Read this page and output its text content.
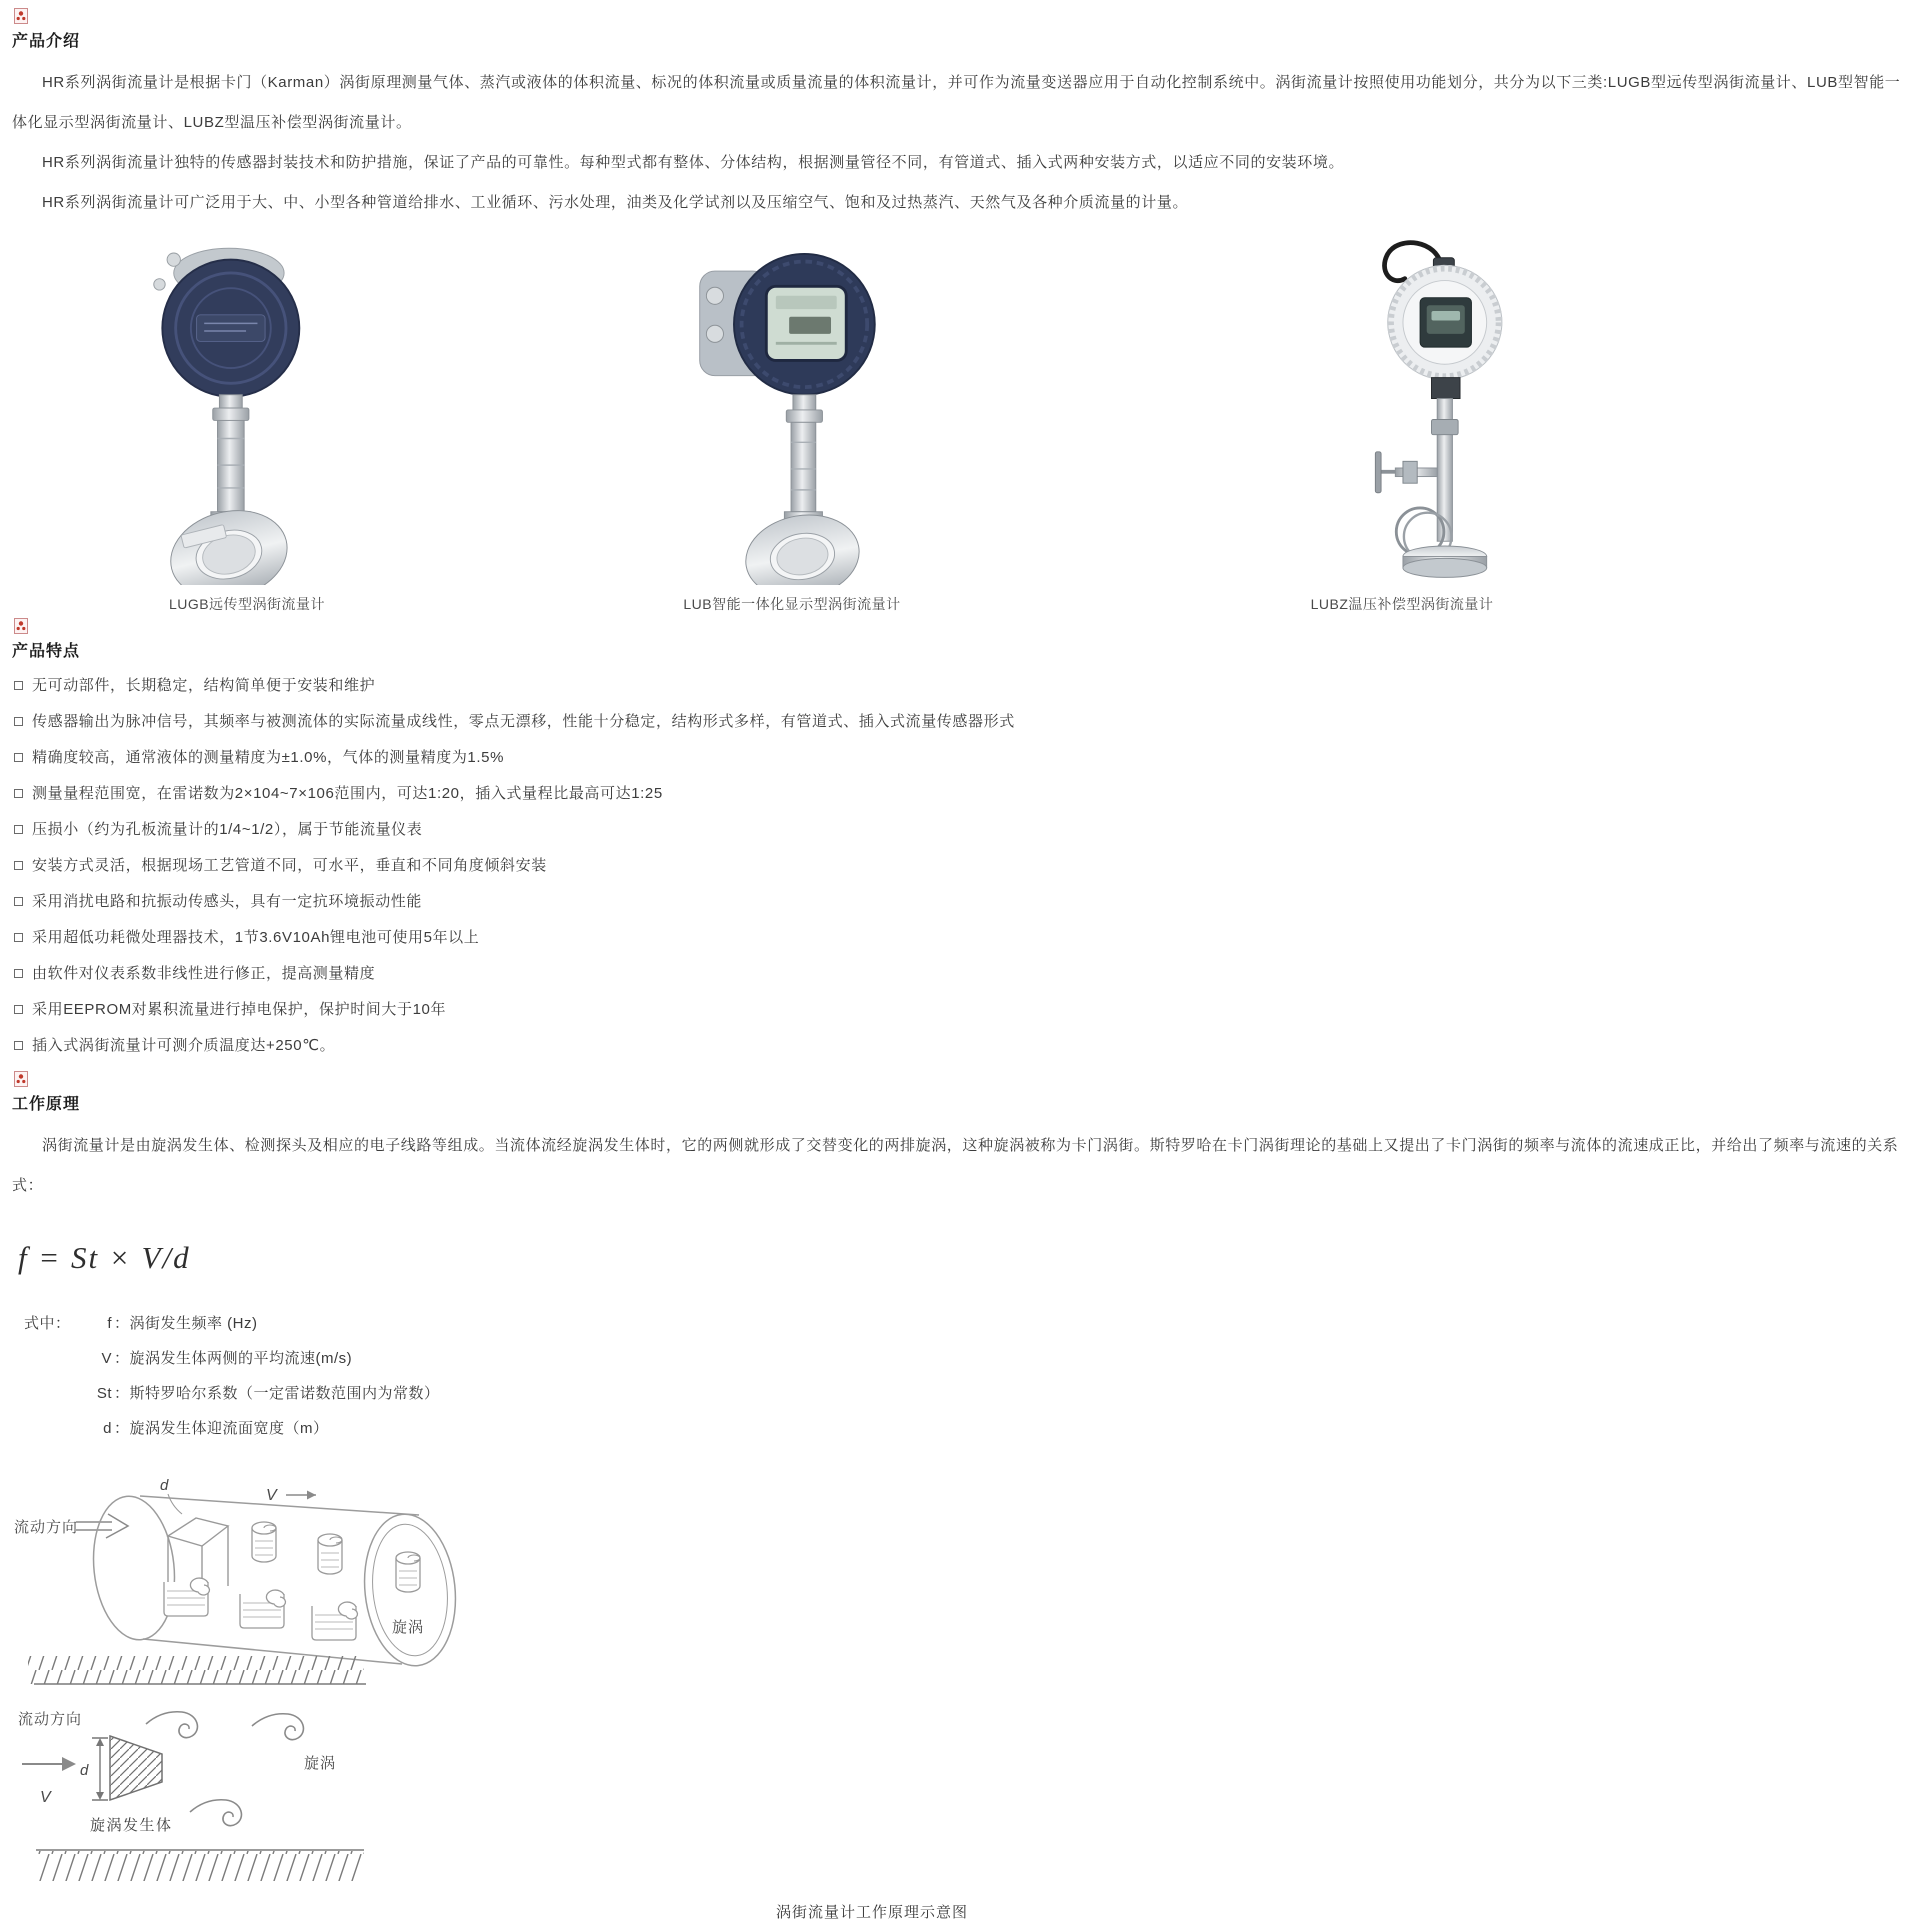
产品介绍

HR系列涡街流量计是根据卡门（Karman）涡街原理测量气体、蒸汽或液体的体积流量、标况的体积流量或质量流量的体积流量计，并可作为流量变送器应用于自动化控制系统中。涡街流量计按照使用功能划分，共分为以下三类:LUGB型远传型涡街流量计、LUB型智能一体化显示型涡街流量计、LUBZ型温压补偿型涡街流量计。

HR系列涡街流量计独特的传感器封装技术和防护措施，保证了产品的可靠性。每种型式都有整体、分体结构，根据测量管径不同，有管道式、插入式两种安装方式，以适应不同的安装环境。

HR系列涡街流量计可广泛用于大、中、小型各种管道给排水、工业循环、污水处理，油类及化学试剂以及压缩空气、饱和及过热蒸汽、天然气及各种介质流量的计量。

LUGB远传型涡街流量计	LUB智能一体化显示型涡街流量计	LUBZ温压补偿型涡街流量计
产品特点
无可动部件，长期稳定，结构简单便于安装和维护
传感器输出为脉冲信号，其频率与被测流体的实际流量成线性，零点无漂移，性能十分稳定，结构形式多样，有管道式、插入式流量传感器形式
精确度较高，通常液体的测量精度为±1.0%，气体的测量精度为1.5%
测量量程范围宽，在雷诺数为2×104~7×106范围内，可达1:20，插入式量程比最高可达1:25
压损小（约为孔板流量计的1/4~1/2），属于节能流量仪表
安装方式灵活，根据现场工艺管道不同，可水平，垂直和不同角度倾斜安装
采用消扰电路和抗振动传感头，具有一定抗环境振动性能
采用超低功耗微处理器技术，1节3.6V10Ah锂电池可使用5年以上
由软件对仪表系数非线性进行修正，提高测量精度
采用EEPROM对累积流量进行掉电保护，保护时间大于10年
插入式涡街流量计可测介质温度达+250℃。
工作原理

涡街流量计是由旋涡发生体、检测探头及相应的电子线路等组成。当流体流经旋涡发生体时，它的两侧就形成了交替变化的两排旋涡，这种旋涡被称为卡门涡街。斯特罗哈在卡门涡街理论的基础上又提出了卡门涡街的频率与流体的流速成正比，并给出了频率与流速的关系式：

f = St × V/d
式中：	f ：涡街发生频率 (Hz)
V ：旋涡发生体两侧的平均流速(m/s)
St ：斯特罗哈尔系数（一定雷诺数范围内为常数）
d ：旋涡发生体迎流面宽度（m）
流动方向
d
V
旋涡
流动方向
V
d
旋涡发生体
旋涡
涡街流量计工作原理示意图
